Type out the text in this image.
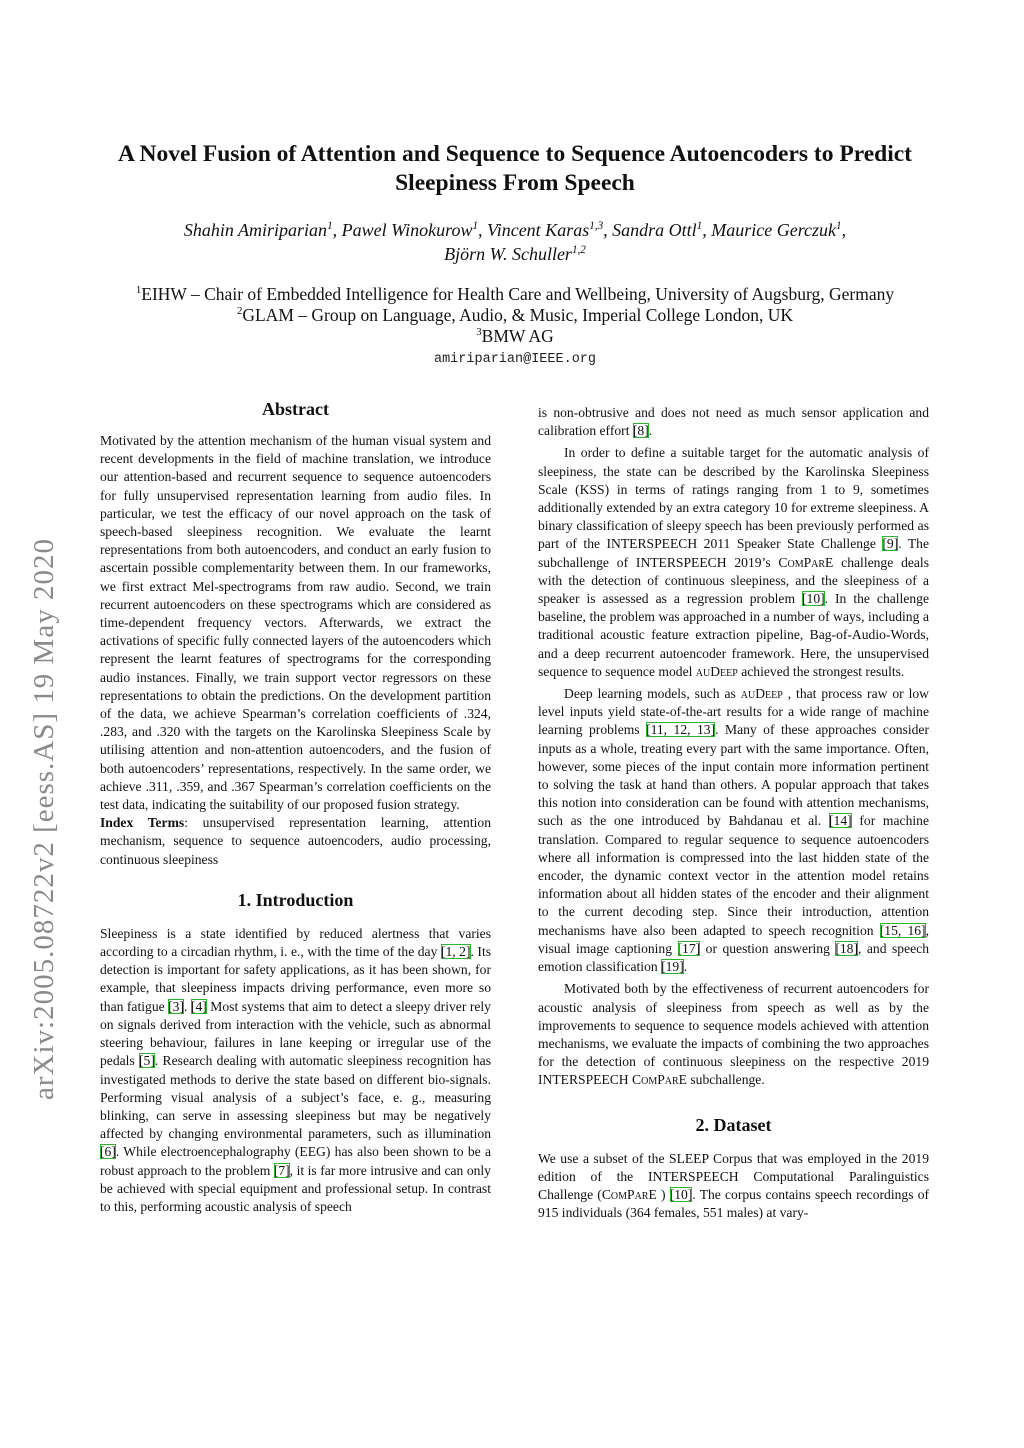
arXiv:2005.08722v2 [eess.AS] 19 May 2020
A Novel Fusion of Attention and Sequence to Sequence Autoencoders to Predict Sleepiness From Speech
Shahin Amiriparian$^1$, Pawel Winokurow$^1$, Vincent Karas$^{1,3}$, Sandra Ottl$^1$, Maurice Gerczuk$^1$,
Björn W. Schuller$^{1,2}$
$^1$EIHW – Chair of Embedded Intelligence for Health Care and Wellbeing, University of Augsburg, Germany
$^2$GLAM – Group on Language, Audio, & Music, Imperial College London, UK
$^3$BMW AG
amiriparian@IEEE.org
Abstract

Motivated by the attention mechanism of the human visual system and recent developments in the field of machine translation, we introduce our attention-based and recurrent sequence to sequence autoencoders for fully unsupervised representation learning from audio files. In particular, we test the efficacy of our novel approach on the task of speech-based sleepiness recognition. We evaluate the learnt representations from both autoencoders, and conduct an early fusion to ascertain possible complementarity between them. In our frameworks, we first extract Mel-spectrograms from raw audio. Second, we train recurrent autoencoders on these spectrograms which are considered as time-dependent frequency vectors. Afterwards, we extract the activations of specific fully connected layers of the autoencoders which represent the learnt features of spectrograms for the corresponding audio instances. Finally, we train support vector regressors on these representations to obtain the predictions. On the development partition of the data, we achieve Spearman’s correlation coefficients of .324, .283, and .320 with the targets on the Karolinska Sleepiness Scale by utilising attention and non-attention autoencoders, and the fusion of both autoencoders’ representations, respectively. In the same order, we achieve .311, .359, and .367 Spearman’s correlation coefficients on the test data, indicating the suitability of our proposed fusion strategy.

Index Terms: unsupervised representation learning, attention mechanism, sequence to sequence autoencoders, audio processing, continuous sleepiness

1. Introduction

Sleepiness is a state identified by reduced alertness that varies according to a circadian rhythm, i. e., with the time of the day [1, 2]. Its detection is important for safety applications, as it has been shown, for example, that sleepiness impacts driving performance, even more so than fatigue [3]. [4] Most systems that aim to detect a sleepy driver rely on signals derived from interaction with the vehicle, such as abnormal steering behaviour, failures in lane keeping or irregular use of the pedals [5]. Research dealing with automatic sleepiness recognition has investigated methods to derive the state based on different bio-signals. Performing visual analysis of a subject’s face, e. g., measuring blinking, can serve in assessing sleepiness but may be negatively affected by changing environmental parameters, such as illumination [6]. While electroencephalography (EEG) has also been shown to be a robust approach to the problem [7], it is far more intrusive and can only be achieved with special equipment and professional setup. In contrast to this, performing acoustic analysis of speech

is non-obtrusive and does not need as much sensor application and calibration effort [8].

In order to define a suitable target for the automatic analysis of sleepiness, the state can be described by the Karolinska Sleepiness Scale (KSS) in terms of ratings ranging from 1 to 9, sometimes additionally extended by an extra category 10 for extreme sleepiness. A binary classification of sleepy speech has been previously performed as part of the INTERSPEECH 2011 Speaker State Challenge [9]. The subchallenge of INTERSPEECH 2019’s ComParE challenge deals with the detection of continuous sleepiness, and the sleepiness of a speaker is assessed as a regression problem [10]. In the challenge baseline, the problem was approached in a number of ways, including a traditional acoustic feature extraction pipeline, Bag-of-Audio-Words, and a deep recurrent autoencoder framework. Here, the unsupervised sequence to sequence model auDeep achieved the strongest results.

Deep learning models, such as auDeep , that process raw or low level inputs yield state-of-the-art results for a wide range of machine learning problems [11, 12, 13]. Many of these approaches consider inputs as a whole, treating every part with the same importance. Often, however, some pieces of the input contain more information pertinent to solving the task at hand than others. A popular approach that takes this notion into consideration can be found with attention mechanisms, such as the one introduced by Bahdanau et al. [14] for machine translation. Compared to regular sequence to sequence autoencoders where all information is compressed into the last hidden state of the encoder, the dynamic context vector in the attention model retains information about all hidden states of the encoder and their alignment to the current decoding step. Since their introduction, attention mechanisms have also been adapted to speech recognition [15, 16], visual image captioning [17] or question answering [18], and speech emotion classification [19].

Motivated both by the effectiveness of recurrent autoencoders for acoustic analysis of sleepiness from speech as well as by the improvements to sequence to sequence models achieved with attention mechanisms, we evaluate the impacts of combining the two approaches for the detection of continuous sleepiness on the respective 2019 INTERSPEECH ComParE subchallenge.

2. Dataset

We use a subset of the SLEEP Corpus that was employed in the 2019 edition of the INTERSPEECH Computational Paralinguistics Challenge (ComParE ) [10]. The corpus contains speech recordings of 915 individuals (364 females, 551 males) at vary-
